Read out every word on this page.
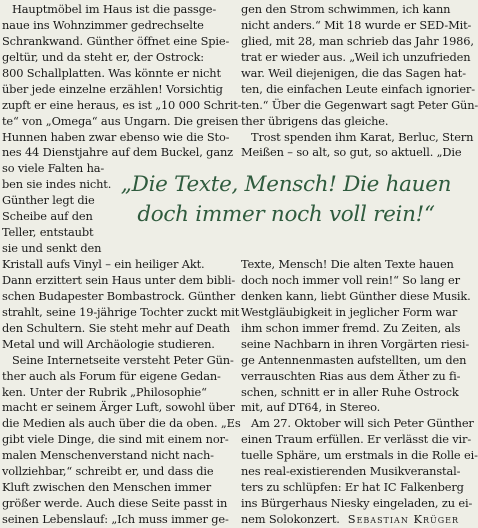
Hauptmöbel im Haus ist die passge-
naue ins Wohnzimmer gedrechselte
Schrankwand. Günther öffnet eine Spie-
geltür, und da steht er, der Ostrock:
800 Schallplatten. Was könnte er nicht
über jede einzelne erzählen! Vorsichtig
zupft er eine heraus, es ist „10 000 Schrit-
te“ von „Omega“ aus Ungarn. Die greisen
Hunnen haben zwar ebenso wie die Sto-
nes 44 Dienstjahre auf dem Buckel, ganz
so viele Falten ha-
ben sie indes nicht.
Günther legt die
Scheibe auf den
Teller, entstaubt
sie und senkt den
Kristall aufs Vinyl – ein heiliger Akt.
Dann erzittert sein Haus unter dem bibli-
schen Budapester Bombastrock. Günther
strahlt, seine 19-jährige Tochter zuckt mit
den Schultern. Sie steht mehr auf Death
Metal und will Archäologie studieren.
Seine Internetseite versteht Peter Gün-
ther auch als Forum für eigene Gedan-
ken. Unter der Rubrik „Philosophie“
macht er seinem Ärger Luft, sowohl über
die Medien als auch über die da oben. „Es
gibt viele Dinge, die sind mit einem nor-
malen Menschenverstand nicht nach-
vollziehbar,“ schreibt er, und dass die
Kluft zwischen den Menschen immer
größer werde. Auch diese Seite passt in
seinen Lebenslauf: „Ich muss immer ge-
gen den Strom schwimmen, ich kann
nicht anders.“ Mit 18 wurde er SED-Mit-
glied, mit 28, man schrieb das Jahr 1986,
trat er wieder aus. „Weil ich unzufrieden
war. Weil diejenigen, die das Sagen hat-
ten, die einfachen Leute einfach ignorier-
ten.“ Über die Gegenwart sagt Peter Gün-
ther übrigens das gleiche.
Trost spenden ihm Karat, Berluc, Stern
Meißen – so alt, so gut, so aktuell. „Die
Texte, Mensch! Die alten Texte hauen
doch noch immer voll rein!“ So lang er
denken kann, liebt Günther diese Musik.
Westgläubigkeit in jeglicher Form war
ihm schon immer fremd. Zu Zeiten, als
seine Nachbarn in ihren Vorgärten riesi-
ge Antennenmasten aufstellten, um den
verrauschten Rias aus dem Äther zu fi-
schen, schnitt er in aller Ruhe Ostrock
mit, auf DT64, in Stereo.
Am 27. Oktober will sich Peter Günther
einen Traum erfüllen. Er verlässt die vir-
tuelle Sphäre, um erstmals in die Rolle ei-
nes real-existierenden Musikveranstal-
ters zu schlüpfen: Er hat IC Falkenberg
ins Bürgerhaus Niesky eingeladen, zu ei-
nem Solokonzert. Sebastian Krüger
„Die Texte, Mensch! Die hauen
doch immer noch voll rein!“
